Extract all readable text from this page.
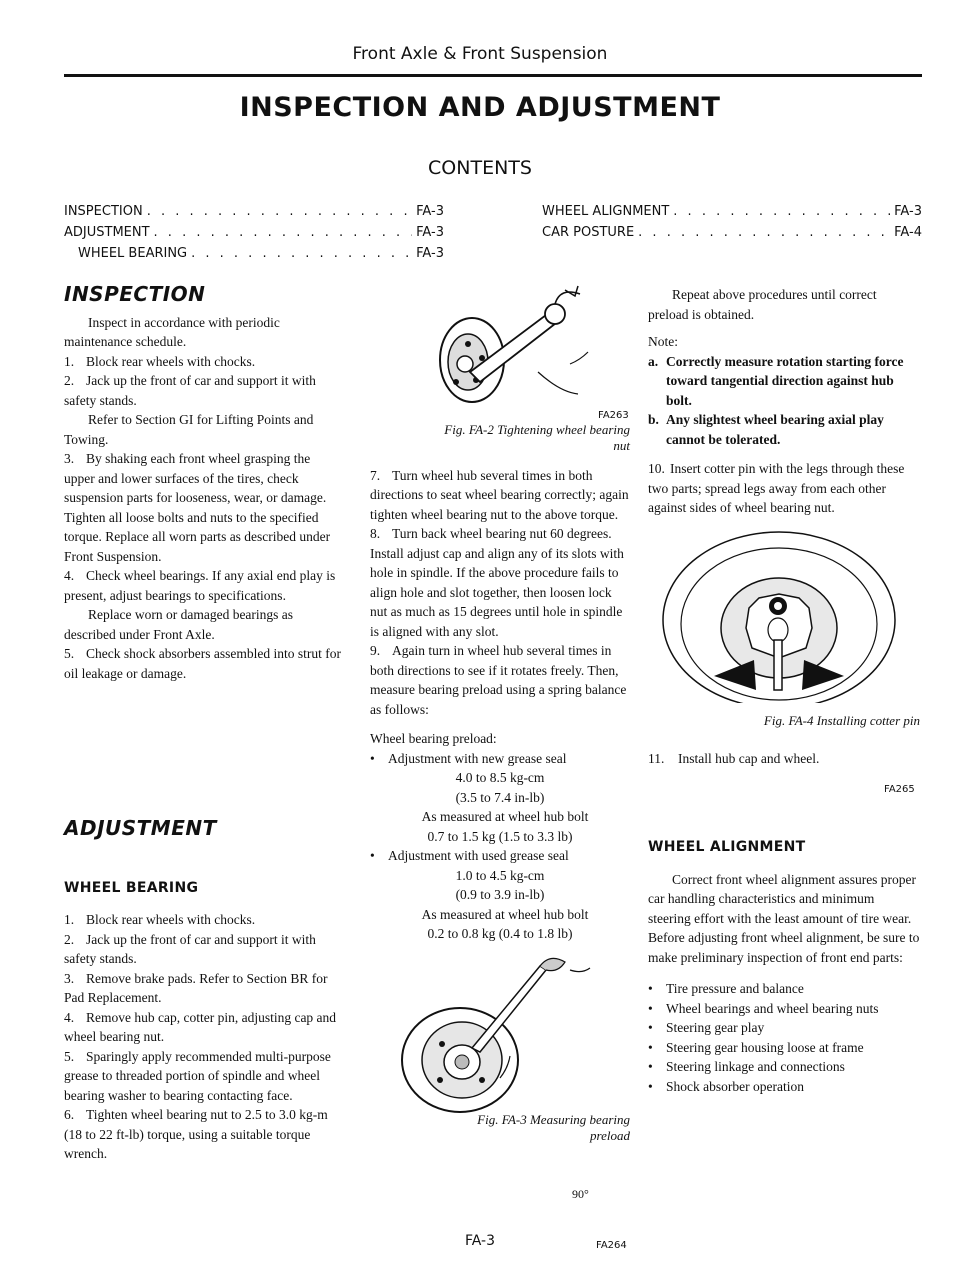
Front Axle & Front Suspension
INSPECTION AND ADJUSTMENT
CONTENTS
INSPECTION . . .	FA-3
ADJUSTMENT . . .	FA-3
WHEEL BEARING . . .	FA-3
WHEEL ALIGNMENT . . .	FA-3
CAR POSTURE . . .	FA-4

INSPECTION

Inspect in accordance with periodic maintenance schedule.

1. Block rear wheels with chocks.

2. Jack up the front of car and support it with safety stands.

Refer to Section GI for Lifting Points and Towing.

3. By shaking each front wheel grasping the upper and lower surfaces of the tires, check suspension parts for looseness, wear, or damage. Tighten all loose bolts and nuts to the specified torque. Replace all worn parts as described under Front Suspension.

4. Check wheel bearings. If any axial end play is present, adjust bearings to specifications.

Replace worn or damaged bearings as described under Front Axle.

5. Check shock absorbers assembled into strut for oil leakage or damage.

ADJUSTMENT

WHEEL BEARING

1. Block rear wheels with chocks.

2. Jack up the front of car and support it with safety stands.

3. Remove brake pads. Refer to Section BR for Pad Replacement.

4. Remove hub cap, cotter pin, adjusting cap and wheel bearing nut.

5. Sparingly apply recommended multi-purpose grease to threaded portion of spindle and wheel bearing washer to bearing contacting face.

6. Tighten wheel bearing nut to 2.5 to 3.0 kg-m (18 to 22 ft-lb) torque, using a suitable torque wrench.

FA263

Fig. FA-2 Tightening wheel bearing
nut

7. Turn wheel hub several times in both directions to seat wheel bearing correctly; again tighten wheel bearing nut to the above torque.

8. Turn back wheel bearing nut 60 degrees. Install adjust cap and align any of its slots with hole in spindle. If the above procedure fails to align hole and slot together, then loosen lock nut as much as 15 degrees until hole in spindle is aligned with any slot.

9. Again turn in wheel hub several times in both directions to see if it rotates freely. Then, measure bearing preload using a spring balance as follows:

Wheel bearing preload:

• Adjustment with new grease seal

4.0 to 8.5 kg-cm

(3.5 to 7.4 in-lb)

As measured at wheel hub bolt

0.7 to 1.5 kg (1.5 to 3.3 lb)

• Adjustment with used grease seal

1.0 to 4.5 kg-cm

(0.9 to 3.9 in-lb)

As measured at wheel hub bolt

0.2 to 0.8 kg (0.4 to 1.8 lb)

90°
FA264

Fig. FA-3 Measuring bearing
preload

Repeat above procedures until correct preload is obtained.

Note:

a. Correctly measure rotation starting force toward tangential direction against hub bolt.
b. Any slightest wheel bearing axial play cannot be tolerated.

10. Insert cotter pin with the legs through these two parts; spread legs away from each other against sides of wheel bearing nut.

FA265

Fig. FA-4 Installing cotter pin

11. Install hub cap and wheel.

WHEEL ALIGNMENT

Correct front wheel alignment assures proper car handling characteristics and minimum steering effort with the least amount of tire wear. Before adjusting front wheel alignment, be sure to make preliminary inspection of front end parts:

• Tire pressure and balance
• Wheel bearings and wheel bearing nuts
• Steering gear play
• Steering gear housing loose at frame
• Steering linkage and connections
• Shock absorber operation
FA-3
